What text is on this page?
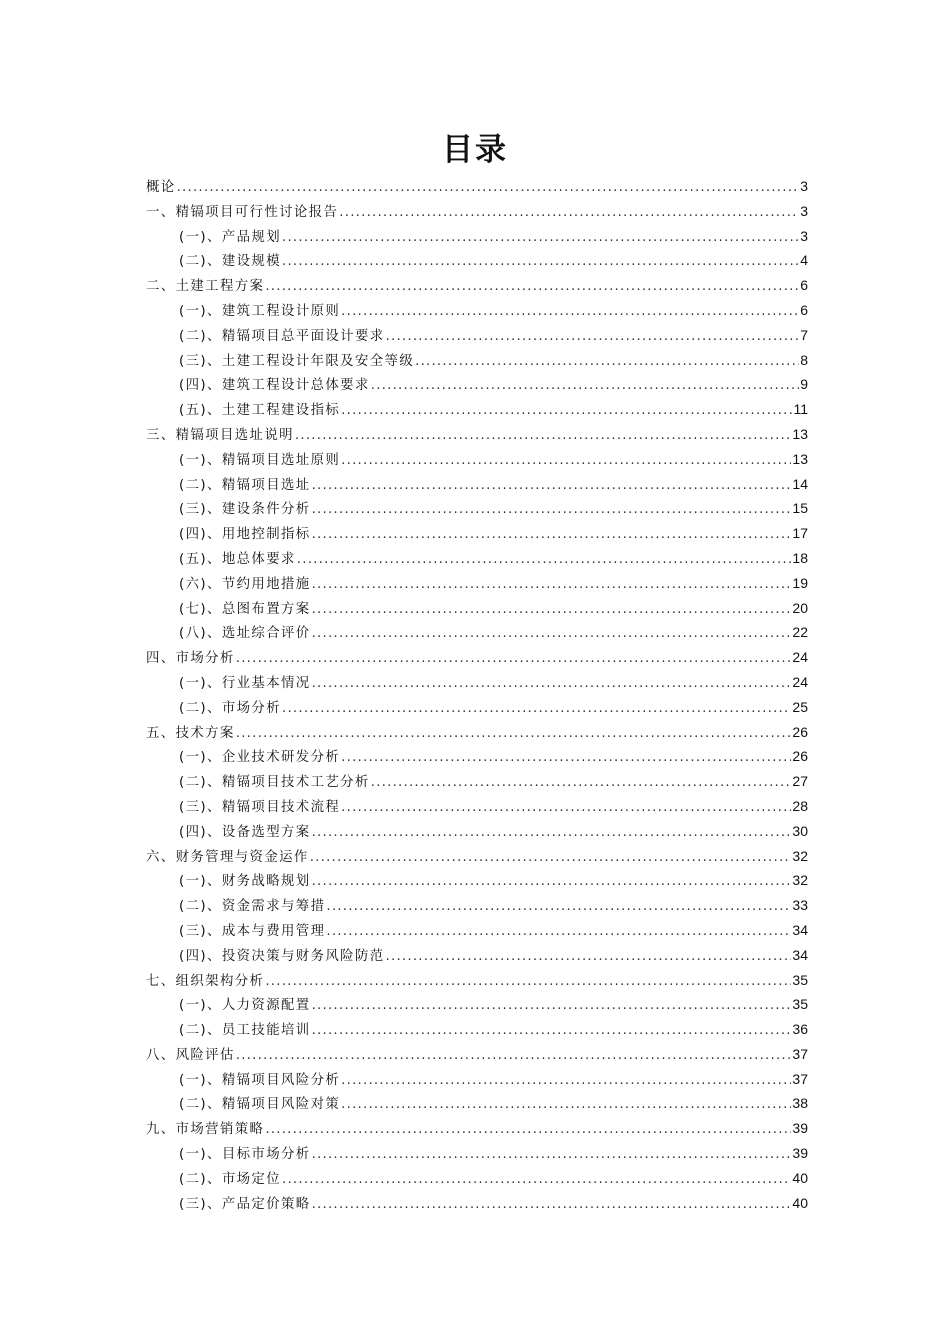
目录
概论 .....	3
一、精镉项目可行性讨论报告 .....	3
(一)、产品规划 .....	3
(二)、建设规模 .....	4
二、土建工程方案 .....	6
(一)、建筑工程设计原则 .....	6
(二)、精镉项目总平面设计要求 .....	7
(三)、土建工程设计年限及安全等级 .....	8
(四)、建筑工程设计总体要求 .....	9
(五)、土建工程建设指标 .....	11
三、精镉项目选址说明 .....	13
(一)、精镉项目选址原则 .....	13
(二)、精镉项目选址 .....	14
(三)、建设条件分析 .....	15
(四)、用地控制指标 .....	17
(五)、地总体要求 .....	18
(六)、节约用地措施 .....	19
(七)、总图布置方案 .....	20
(八)、选址综合评价 .....	22
四、市场分析 .....	24
(一)、行业基本情况 .....	24
(二)、市场分析 .....	25
五、技术方案 .....	26
(一)、企业技术研发分析 .....	26
(二)、精镉项目技术工艺分析 .....	27
(三)、精镉项目技术流程 .....	28
(四)、设备选型方案 .....	30
六、财务管理与资金运作 .....	32
(一)、财务战略规划 .....	32
(二)、资金需求与筹措 .....	33
(三)、成本与费用管理 .....	34
(四)、投资决策与财务风险防范 .....	34
七、组织架构分析 .....	35
(一)、人力资源配置 .....	35
(二)、员工技能培训 .....	36
八、风险评估 .....	37
(一)、精镉项目风险分析 .....	37
(二)、精镉项目风险对策 .....	38
九、市场营销策略 .....	39
(一)、目标市场分析 .....	39
(二)、市场定位 .....	40
(三)、产品定价策略 .....	40
